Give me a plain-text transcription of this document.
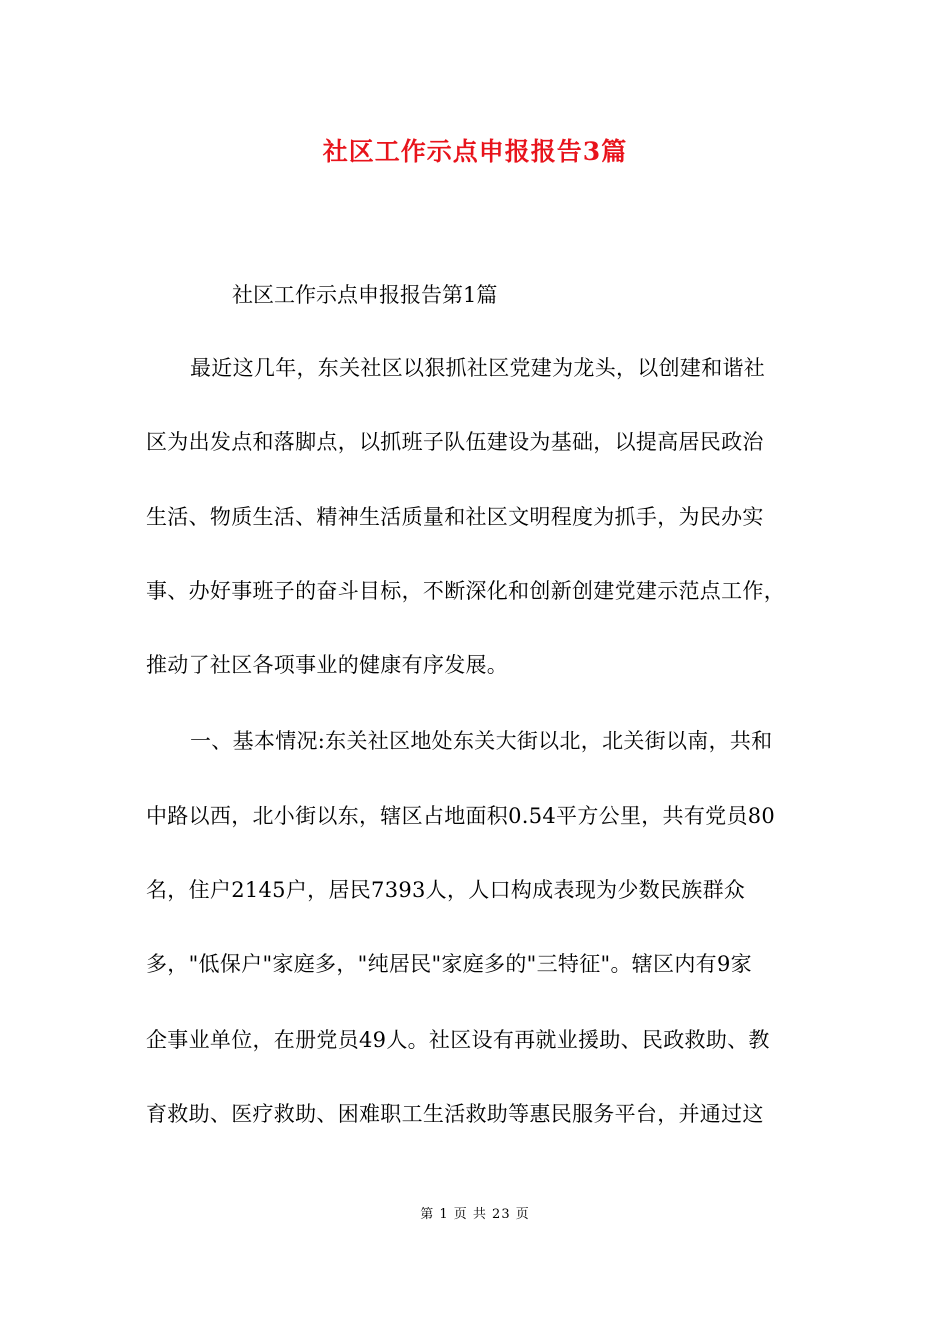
社区工作示点申报报告3篇
社区工作示点申报报告第1篇
最近这几年，东关社区以狠抓社区党建为龙头，以创建和谐社
区为出发点和落脚点，以抓班子队伍建设为基础，以提高居民政治
生活、物质生活、精神生活质量和社区文明程度为抓手，为民办实
事、办好事班子的奋斗目标，不断深化和创新创建党建示范点工作，
推动了社区各项事业的健康有序发展。
一、基本情况:东关社区地处东关大街以北，北关街以南，共和
中路以西，北小街以东，辖区占地面积0.54平方公里，共有党员80
名，住户2145户，居民7393人，人口构成表现为少数民族群众
多，"低保户"家庭多，"纯居民"家庭多的"三特征"。辖区内有9家
企事业单位，在册党员49人。社区设有再就业援助、民政救助、教
育救助、医疗救助、困难职工生活救助等惠民服务平台，并通过这
第 1 页 共 23 页
